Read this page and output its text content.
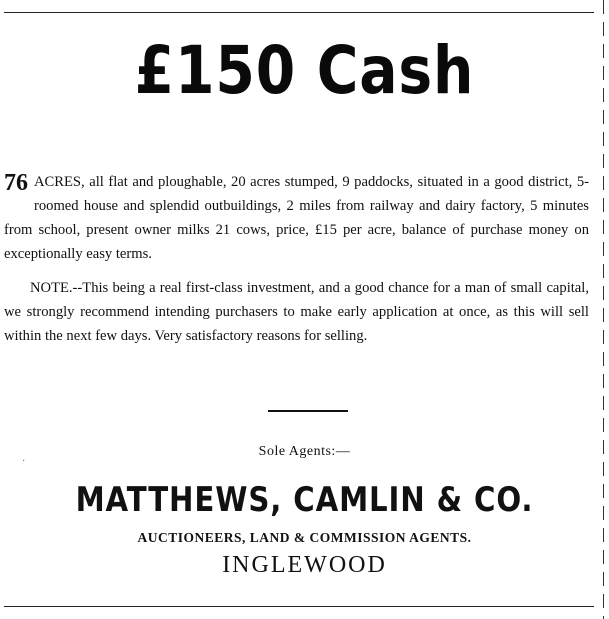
£150 Cash

76 ACRES, all flat and ploughable, 20 acres stumped, 9 paddocks, situated in a good district, 5-roomed house and splendid outbuildings, 2 miles from railway and dairy factory, 5 minutes from school, present owner milks 21 cows, price, £15 per acre, balance of purchase money on exceptionally easy terms.

NOTE.--This being a real first-class investment, and a good chance for a man of small capital, we strongly recommend intending purchasers to make early application at once, as this will sell within the next few days. Very satisfactory reasons for selling.

·
Sole Agents:—
MATTHEWS, CAMLIN & CO.
AUCTIONEERS, LAND & COMMISSION AGENTS.
INGLEWOOD
